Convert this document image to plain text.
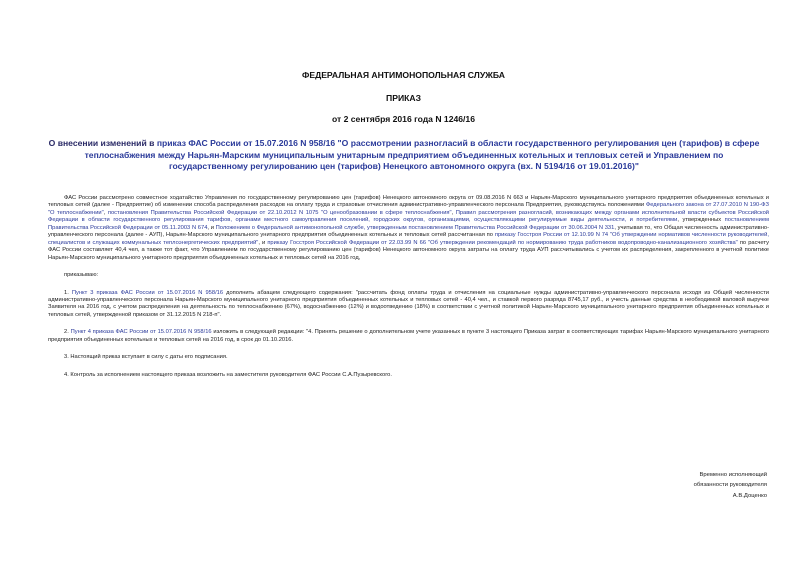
ФЕДЕРАЛЬНАЯ АНТИМОНОПОЛЬНАЯ СЛУЖБА
ПРИКАЗ
от 2 сентября 2016 года N 1246/16
О внесении изменений в приказ ФАС России от 15.07.2016 N 958/16 "О рассмотрении разногласий в области государственного регулирования цен (тарифов) в сфере теплоснабжения между Нарьян-Марским муниципальным унитарным предприятием объединенных котельных и тепловых сетей и Управлением по государственному регулированию цен (тарифов) Ненецкого автономного округа (вх. N 5194/16 от 19.01.2016)"

ФАС России рассмотрено совместное ходатайство Управления по государственному регулированию цен (тарифов) Ненецкого автономного округа от 09.08.2016 N 663 и Нарьян-Марского муниципального унитарного предприятия объединенных котельных и тепловых сетей (далее - Предприятие) об изменении способа распределения расходов на оплату труда и страховые отчисления административно-управленческого персонала Предприятия, руководствуясь положениями Федерального закона от 27.07.2010 N 190-ФЗ "О теплоснабжении", постановления Правительства Российской Федерации от 22.10.2012 N 1075 "О ценообразовании в сфере теплоснабжения", Правил рассмотрения разногласий, возникающих между органами исполнительной власти субъектов Российской Федерации в области государственного регулирования тарифов, органами местного самоуправления поселений, городских округов, организациями, осуществляющими регулируемые виды деятельности, и потребителями, утвержденных постановлением Правительства Российской Федерации от 05.11.2003 N 674, и Положением о Федеральной антимонопольной службе, утвержденным постановлением Правительства Российской Федерации от 30.06.2004 N 331, учитывая то, что Общая численность административно-управленческого персонала (далее - АУП), Нарьян-Марского муниципального унитарного предприятия объединенных котельных и тепловых сетей рассчитанная по приказу Госстроя России от 12.10.99 N 74 "Об утверждении нормативов численности руководителей, специалистов и служащих коммунальных теплоэнергетических предприятий", и приказу Госстроя Российской Федерации от 22.03.99 N 66 "Об утверждении рекомендаций по нормированию труда работников водопроводно-канализационного хозяйства" по расчету ФАС России составляет 40,4 чел, а также тот факт, что Управлением по государственному регулированию цен (тарифов) Ненецкого автономного округа затраты на оплату труда АУП рассчитывались с учетом их распределения, закрепленного в учетной политике Нарьян-Марского муниципального унитарного предприятия объединенных котельных и тепловых сетей на 2016 год,

приказываю:

1. Пункт 3 приказа ФАС России от 15.07.2016 N 958/16 дополнить абзацем следующего содержания: "рассчитать фонд оплаты труда и отчисления на социальные нужды административно-управленческого персонала исходя из Общей численности административно-управленческого персонала Нарьян-Марского муниципального унитарного предприятия объединенных котельных и тепловых сетей - 40,4 чел., и ставкой первого разряда 8745,17 руб., и учесть данные средства в необходимой валовой выручке Заявителя на 2016 год, с учетом распределения на деятельность по теплоснабжению (67%), водоснабжению (12%) и водоотведению (18%) в соответствии с учетной политикой Нарьян-Марского муниципального унитарного предприятия объединенных котельных и тепловых сетей, утвержденной приказом от 31.12.2015 N 218-п".

2. Пункт 4 приказа ФАС России от 15.07.2016 N 958/16 изложить в следующей редакции: "4. Принять решение о дополнительном учете указанных в пункте 3 настоящего Приказа затрат в соответствующих тарифах Нарьян-Марского муниципального унитарного предприятия объединенных котельных и тепловых сетей на 2016 год, в срок до 01.10.2016.

3. Настоящий приказ вступает в силу с даты его подписания.

4. Контроль за исполнением настоящего приказа возложить на заместителя руководителя ФАС России С.А.Пузыревского.

Временно исполняющий
обязанности руководителя
А.В.Доценко
